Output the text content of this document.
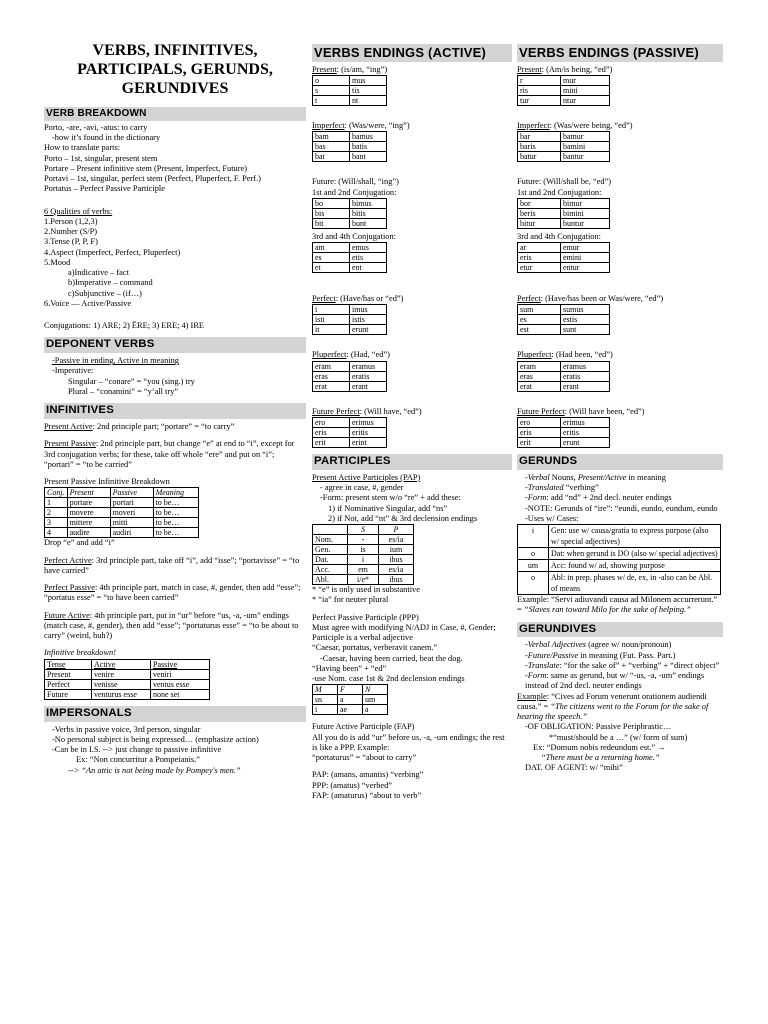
VERBS, INFINITIVES,
PARTICIPALS, GERUNDS,
GERUNDIVES
VERB BREAKDOWN

Porto, -are, -avi, -atus: to carry

-how it’s found in the dictionary

How to translate parts:

Porto – 1st, singular, present stem

Portare – Present infinitive stem (Present, Imperfect, Future)

Portavi – 1st, singular, perfect stem (Perfect, Pluperfect, F. Perf.)

Portatus – Perfect Passive Participle

6 Qualities of verbs:

1.Person (1,2,3)

2.Number (S/P)

3.Tense (P, P, F)

4.Aspect (Imperfect, Perfect, Pluperfect)

5.Mood

a)Indicative – fact

b)Imperative – command

c)Subjunctive – (if…)

6.Voice — Active/Passive

Conjugations: 1) ARE; 2) ĒRE; 3) ERE; 4) IRE

DEPONENT VERBS

-Passive in ending, Active in meaning

-Imperative:

Singular – “conare” = “you (sing.) try

Plural – “conamini” = “y’all try”

INFINITIVES

Present Active: 2nd principle part; “portare” = “to carry”

Present Passive: 2nd principle part, but change “e” at end to “i”, except for 3rd conjugation verbs; for these, take off whole “ere” and put on “i”; “portari” = “to be carried”

Present Passive Infinitive Breakdown

Conj.	Present	Passive	Meaning
1	portare	portari	to be…
2	movere	moveri	to be…
3	mittere	mitti	to be…
4	audire	audiri	to be…

Drop “e” and add “i”

Perfect Active: 3rd principle part, take off “i”, add “isse”; “portavisse” = “to have carried”

Perfect Passive: 4th principle part, match in case, #, gender, then add “esse”; “portatus esse” = “to have been carried”

Future Active: 4th principle part, put in “ur” before “us, -a, -um” endings (match case, #, gender), then add “esse”; “portaturus esse” = “to be about to carry” (weird, huh?)

Infinitive breakdown!

Tense	Active	Passive
Present	venire	veniri
Perfect	venisse	ventus esse
Future	venturus esse	none set
IMPERSONALS

-Verbs in passive voice, 3rd person, singular

-No personal subject is being expressed… (emphasize action)

-Can be in I.S. --> just change to passive infinitive

Ex: “Non concurritur a Pompeianis.”

--> “An attic is not being made by Pompey's men.”

VERBS ENDINGS (ACTIVE)

Present: (is/am, “ing”)

o	mus
s	tis
t	nt

Imperfect: (Was/were, “ing”)

bam	bamus
bas	batis
bat	bant

Future: (Will/shall, “ing”)

1st and 2nd Conjugation:

bo	bimus
bis	bitis
bit	bunt

3rd and 4th Conjugation:

am	emus
es	etis
et	ent

Perfect: (Have/has or “ed”)

i	imus
isti	istis
it	erunt

Pluperfect: (Had, “ed”)

eram	eramus
eras	eratis
erat	erant

Future Perfect: (Will have, “ed”)

ero	erimus
eris	eritis
erit	erint
PARTICIPLES

Present Active Participles (PAP)

- agree in case, #, gender

-Form: present stem w/o “re” + add these:

1) if Nominative Singular, add “ns”

2) if Not, add “nt” & 3rd declension endings

	S	P
Nom.	-	es/ia
Gen.	is	ium
Dat.	i	ibus
Acc.	em	es/ia
Abl.	i/e*	ibus

* “e” is only used in substantive

* “ia” for neuter plural

Perfect Passive Participle (PPP)

Must agree with modifying N/ADJ in Case, #, Gender; Participle is a verbal adjective

“Caesar, portatus, verberavit canem.”

-Caesar, having been carried, beat the dog.

“Having been” + “ed”

-use Nom. case 1st & 2nd declension endings

M	F	N
us	a	um
i	ae	a

Future Active Participle (FAP)

All you do is add “ur” before us, -a, -um endings; the rest is like a PPP. Example:

“portaturus” = “about to carry”

PAP: (amans, amantis) “verbing”

PPP: (amatus) “verbed”

FAP: (amaturus) “about to verb”

VERBS ENDINGS (PASSIVE)

Present: (Am/is being, “ed”)

r	mur
ris	mini
tur	ntur

Imperfect: (Was/were being, “ed”)

bar	bamur
baris	bamini
batur	bantur

Future: (Will/shall be, “ed”)

1st and 2nd Conjugation:

bor	bimur
beris	bimini
bitur	buntur

3rd and 4th Conjugation:

ar	emur
eris	emini
etur	entur

Perfect: (Have/has been or Was/were, “ed”)

sum	sumus
es	estis
est	sunt

Pluperfect: (Had been, “ed”)

eram	eramus
eras	eratis
erat	erant

Future Perfect: (Will have been, “ed”)

ero	erimus
eris	eritis
erit	erunt
GERUNDS

-Verbal Nouns, Present/Active in meaning

-Translated “verbing”

-Form: add “nd” + 2nd decl. neuter endings

-NOTE: Gerunds of “ire”: “eundi, eundo, eundum, eundo

-Uses w/ Cases:

i	Gen: use w/ causa/gratia to express purpose (also w/ special adjectives)
o	Dat: when gerund is DO (also w/ special adjectives)
um	Acc: found w/ ad, showing purpose
o	Abl: in prep. phases w/ de, ex, in -also can be Abl. of means

Example: “Servi adiuvandi causa ad Milonem accurrerunt.” = “Slaves ran toward Milo for the sake of helping.”

GERUNDIVES

-Verbal Adjectives (agree w/ noun/pronoun)

-Future/Passive in meaning (Fut. Pass. Part.)

-Translate: “for the sake of” + “verbing” + “direct object”

-Form: same as gerund, but w/ “-us, -a, -um” endings instead of 2nd decl. neuter endings

Example: “Cives ad Forum venerunt orationem audiendi causa.” = “The citizens went to the Forum for the sake of hearing the speech.”

-OF OBLIGATION: Passive Periphrastic…

*“must/should be a …” (w/ form of sum)

Ex: “Domum nobis redeundum est.” →

“There must be a returning home.”

DAT. OF AGENT: w/ “mihi”
